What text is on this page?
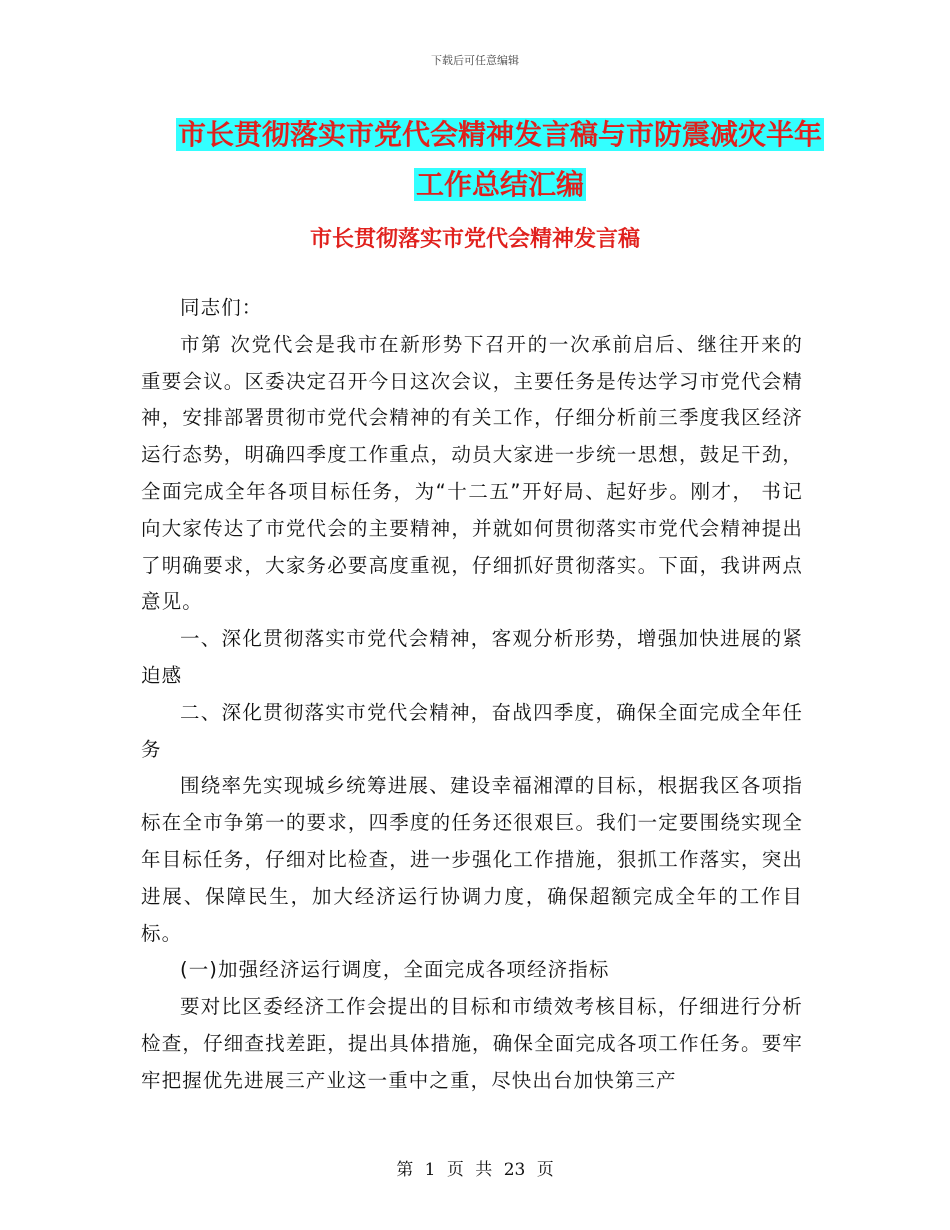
下载后可任意编辑
市长贯彻落实市党代会精神发言稿与市防震减灾半年
工作总结汇编
市长贯彻落实市党代会精神发言稿

同志们：

市第 次党代会是我市在新形势下召开的一次承前启后、继往开来的重要会议。区委决定召开今日这次会议，主要任务是传达学习市党代会精神，安排部署贯彻市党代会精神的有关工作，仔细分析前三季度我区经济运行态势，明确四季度工作重点，动员大家进一步统一思想，鼓足干劲，全面完成全年各项目标任务，为“十二五”开好局、起好步。刚才， 书记向大家传达了市党代会的主要精神，并就如何贯彻落实市党代会精神提出了明确要求，大家务必要高度重视，仔细抓好贯彻落实。下面，我讲两点意见。

一、深化贯彻落实市党代会精神，客观分析形势，增强加快进展的紧迫感

二、深化贯彻落实市党代会精神，奋战四季度，确保全面完成全年任务

围绕率先实现城乡统筹进展、建设幸福湘潭的目标，根据我区各项指标在全市争第一的要求，四季度的任务还很艰巨。我们一定要围绕实现全年目标任务，仔细对比检查，进一步强化工作措施，狠抓工作落实，突出进展、保障民生，加大经济运行协调力度，确保超额完成全年的工作目标。

(一)加强经济运行调度，全面完成各项经济指标

要对比区委经济工作会提出的目标和市绩效考核目标，仔细进行分析检查，仔细查找差距，提出具体措施，确保全面完成各项工作任务。要牢牢把握优先进展三产业这一重中之重，尽快出台加快第三产

第 1 页 共 23 页
